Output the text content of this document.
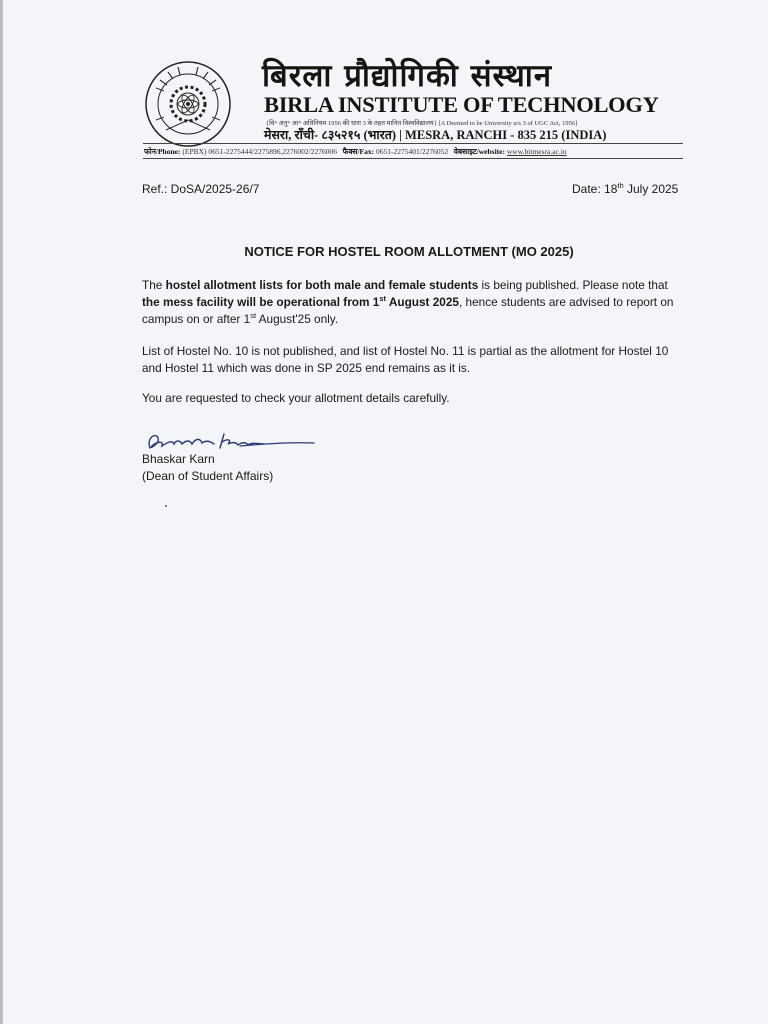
बिरला प्रौद्योगिकी संस्थान
BIRLA INSTITUTE OF TECHNOLOGY
{वि॰ अनु॰ आ॰ अधिनियम 1956 की धारा 3 के तहत मानित विश्वविद्यालय} [A Deemed to be University u/s 3 of UGC Act, 1956]
मेसरा, राँची- ८३५२१५ (भारत) | MESRA, RANCHI - 835 215 (INDIA)
फोन/Phone: (EPBX) 0651-2275444/2275896,2276002/2276006 फैक्स/Fax: 0651-2275401/2276052 वेबसाइट/website: www.bitmesra.ac.in
Ref.: DoSA/2025-26/7	Date: 18th July 2025
NOTICE FOR HOSTEL ROOM ALLOTMENT (MO 2025)

The hostel allotment lists for both male and female students is being published. Please note that the mess facility will be operational from 1st August 2025, hence students are advised to report on campus on or after 1st August'25 only.

List of Hostel No. 10 is not published, and list of Hostel No. 11 is partial as the allotment for Hostel 10 and Hostel 11 which was done in SP 2025 end remains as it is.

You are requested to check your allotment details carefully.

Bhaskar Karn
(Dean of Student Affairs)
